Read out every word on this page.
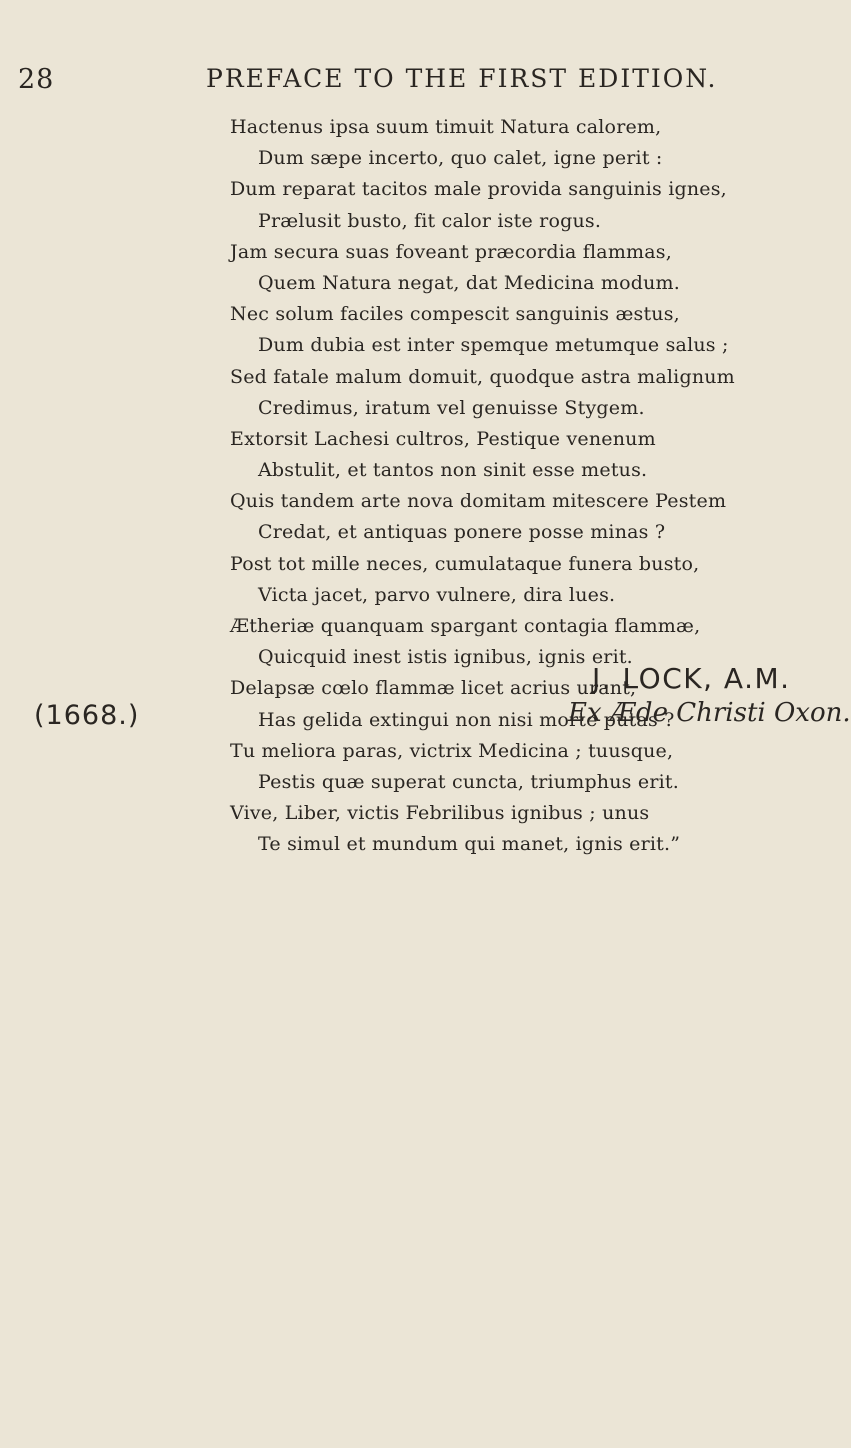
28	PREFACE TO THE FIRST EDITION.
Hactenus ipsa suum timuit Natura calorem,
Dum sæpe incerto, quo calet, igne perit :
Dum reparat tacitos male provida sanguinis ignes,
Prælusit busto, fit calor iste rogus.
Jam secura suas foveant præcordia flammas,
Quem Natura negat, dat Medicina modum.
Nec solum faciles compescit sanguinis æstus,
Dum dubia est inter spemque metumque salus ;
Sed fatale malum domuit, quodque astra malignum
Credimus, iratum vel genuisse Stygem.
Extorsit Lachesi cultros, Pestique venenum
Abstulit, et tantos non sinit esse metus.
Quis tandem arte nova domitam mitescere Pestem
Credat, et antiquas ponere posse minas ?
Post tot mille neces, cumulataque funera busto,
Victa jacet, parvo vulnere, dira lues.
Ætheriæ quanquam spargant contagia flammæ,
Quicquid inest istis ignibus, ignis erit.
Delapsæ cœlo flammæ licet acrius urant,
Has gelida extingui non nisi morte putas ?
Tu meliora paras, victrix Medicina ; tuusque,
Pestis quæ superat cuncta, triumphus erit.
Vive, Liber, victis Febrilibus ignibus ; unus
Te simul et mundum qui manet, ignis erit.”
J. LOCK, A.M.
Ex Æde Christi Oxon.
(1668.)
